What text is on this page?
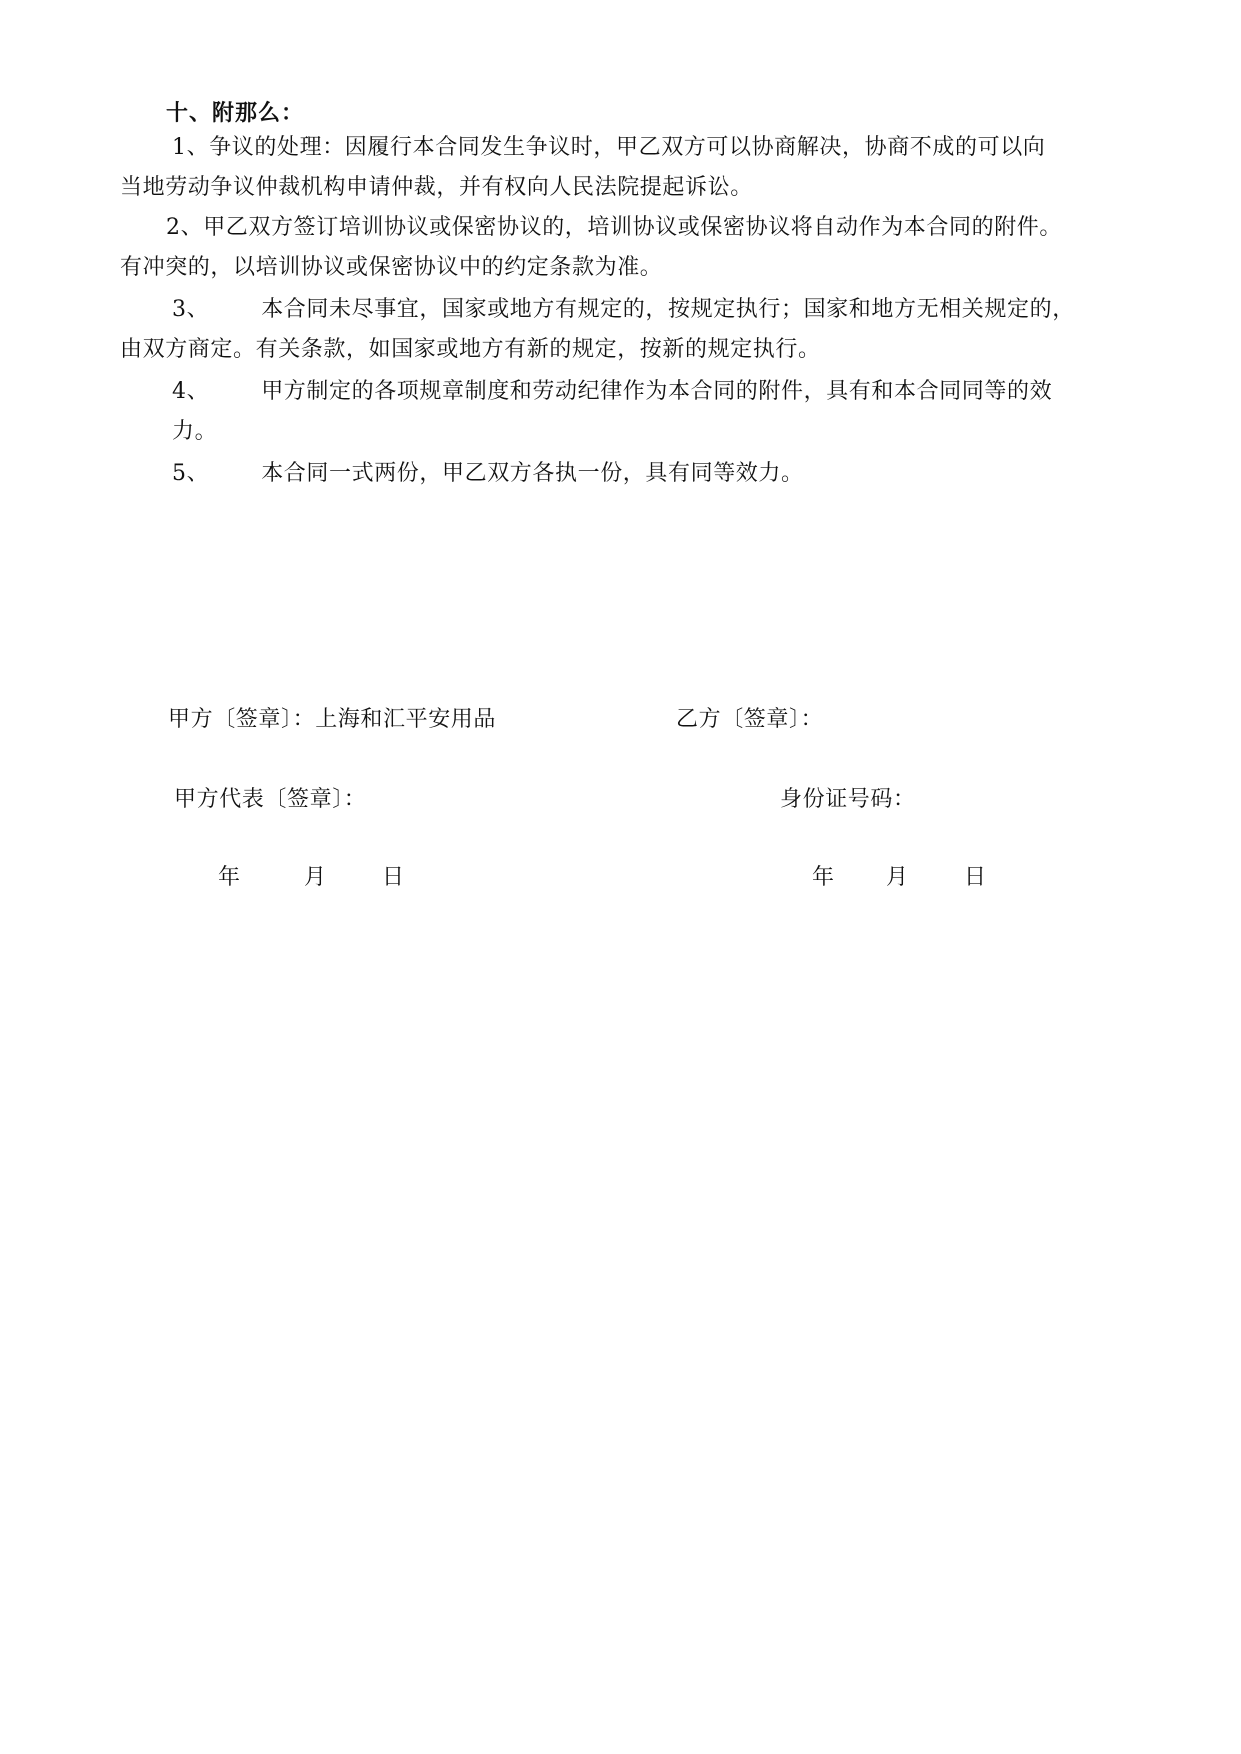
十、附那么：
1、争议的处理：因履行本合同发生争议时，甲乙双方可以协商解决，协商不成的可以向
当地劳动争议仲裁机构申请仲裁，并有权向人民法院提起诉讼。
2、甲乙双方签订培训协议或保密协议的，培训协议或保密协议将自动作为本合同的附件。
有冲突的，以培训协议或保密协议中的约定条款为准。
3、 本合同未尽事宜，国家或地方有规定的，按规定执行；国家和地方无相关规定的，
由双方商定。有关条款，如国家或地方有新的规定，按新的规定执行。
4、 甲方制定的各项规章制度和劳动纪律作为本合同的附件，具有和本合同同等的效
力。
5、 本合同一式两份，甲乙双方各执一份，具有同等效力。
甲方〔签章〕：上海和汇平安用品	乙方〔签章〕：
甲方代表〔签章〕：	身份证号码：
年	月	日	年 月	日
